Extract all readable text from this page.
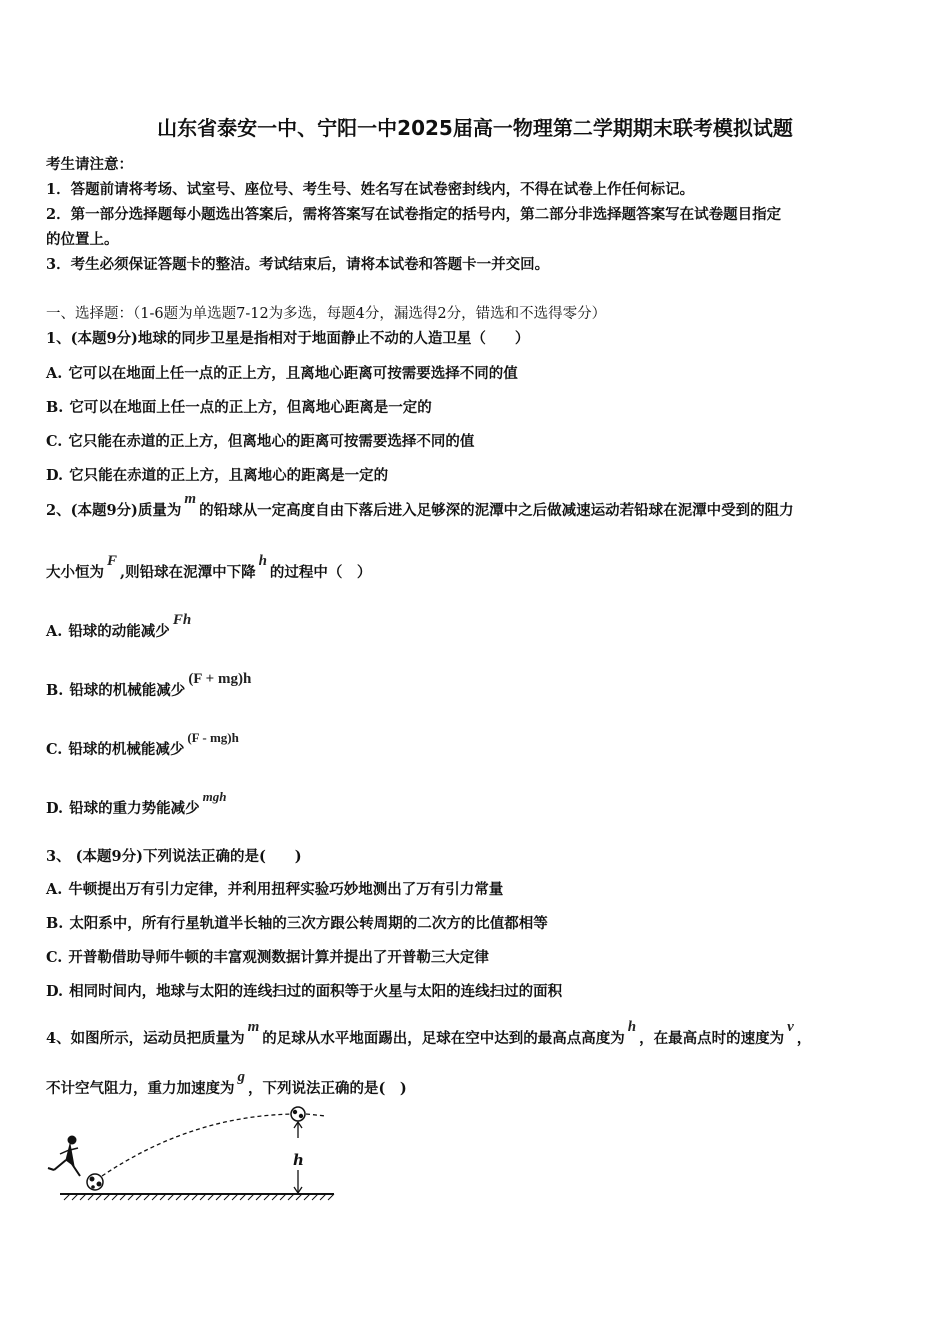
山东省泰安一中、宁阳一中2025届高一物理第二学期期末联考模拟试题
考生请注意：
1．答题前请将考场、试室号、座位号、考生号、姓名写在试卷密封线内，不得在试卷上作任何标记。
2．第一部分选择题每小题选出答案后，需将答案写在试卷指定的括号内，第二部分非选择题答案写在试卷题目指定
的位置上。
3．考生必须保证答题卡的整洁。考试结束后，请将本试卷和答题卡一并交回。
一、选择题：（1-6题为单选题7-12为多选，每题4分，漏选得2分，错选和不选得零分）
1、(本题9分)地球的同步卫星是指相对于地面静止不动的人造卫星（　　）
A. 它可以在地面上任一点的正上方，且离地心距离可按需要选择不同的值
B. 它可以在地面上任一点的正上方，但离地心距离是一定的
C. 它只能在赤道的正上方，但离地心的距离可按需要选择不同的值
D. 它只能在赤道的正上方，且离地心的距离是一定的
2、(本题9分)质量为m的铅球从一定高度自由下落后进入足够深的泥潭中之后做减速运动若铅球在泥潭中受到的阻力
大小恒为F,则铅球在泥潭中下降h的过程中（　）
A. 铅球的动能减少Fh
B. 铅球的机械能减少(F + mg)h
C. 铅球的机械能减少(F - mg)h
D. 铅球的重力势能减少mgh
3、 (本题9分)下列说法正确的是(　　)
A. 牛顿提出万有引力定律，并利用扭秤实验巧妙地测出了万有引力常量
B. 太阳系中，所有行星轨道半长轴的三次方跟公转周期的二次方的比值都相等
C. 开普勒借助导师牛顿的丰富观测数据计算并提出了开普勒三大定律
D. 相同时间内，地球与太阳的连线扫过的面积等于火星与太阳的连线扫过的面积
4、如图所示，运动员把质量为m的足球从水平地面踢出，足球在空中达到的最高点高度为h，在最高点时的速度为v，
不计空气阻力，重力加速度为g，下列说法正确的是(　)
h
